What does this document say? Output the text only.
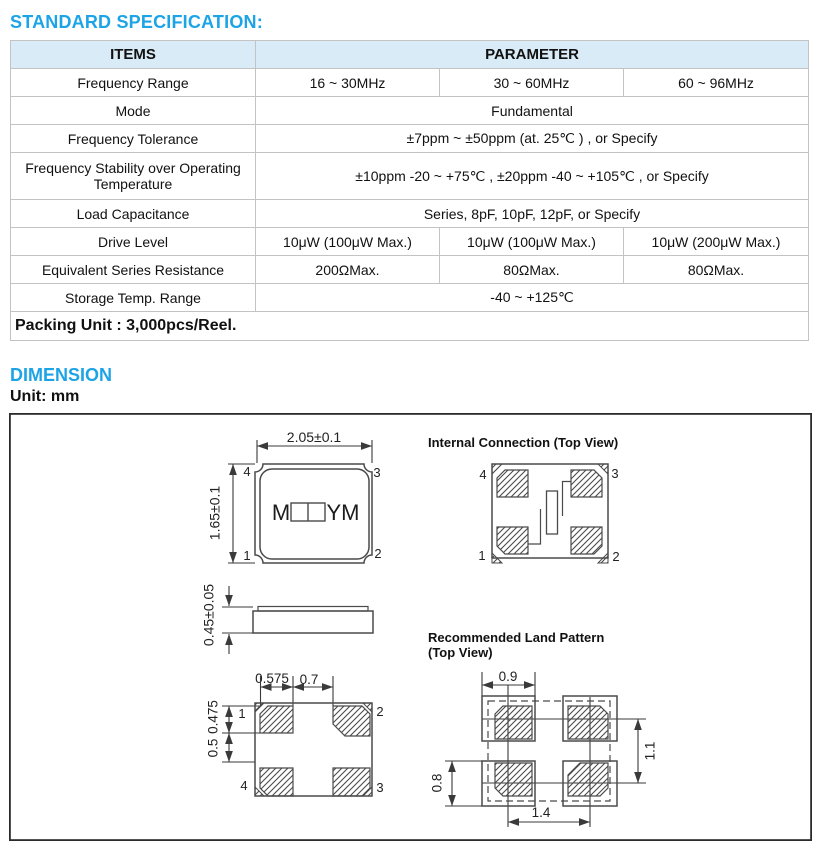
STANDARD SPECIFICATION:
ITEMS	PARAMETER		
Frequency Range	16 ~ 30MHz	30 ~ 60MHz	60 ~ 96MHz
Mode	Fundamental		
Frequency Tolerance	±7ppm ~ ±50ppm (at. 25℃ ) , or Specify		
Frequency Stability over Operating Temperature	±10ppm -20 ~ +75℃ , ±20ppm -40 ~ +105℃ , or Specify		
Load Capacitance	Series, 8pF, 10pF, 12pF, or Specify		
Drive Level	10μW (100μW Max.)	10μW (100μW Max.)	10μW (200μW Max.)
Equivalent Series Resistance	200ΩMax.	80ΩMax.	80ΩMax.
Storage Temp. Range	-40 ~ +125℃		
Packing Unit : 3,000pcs/Reel.			
DIMENSION
Unit: mm
2.05±0.1
1.65±0.1 M YM
4	3
1	2
0.45±0.05
Internal Connection (Top View)
4	3
1	2
0.575 0.7
0.475
0.5
1	2
4	3
Recommended Land Pattern
(Top View)
0.9
1.1
0.8
1.4
